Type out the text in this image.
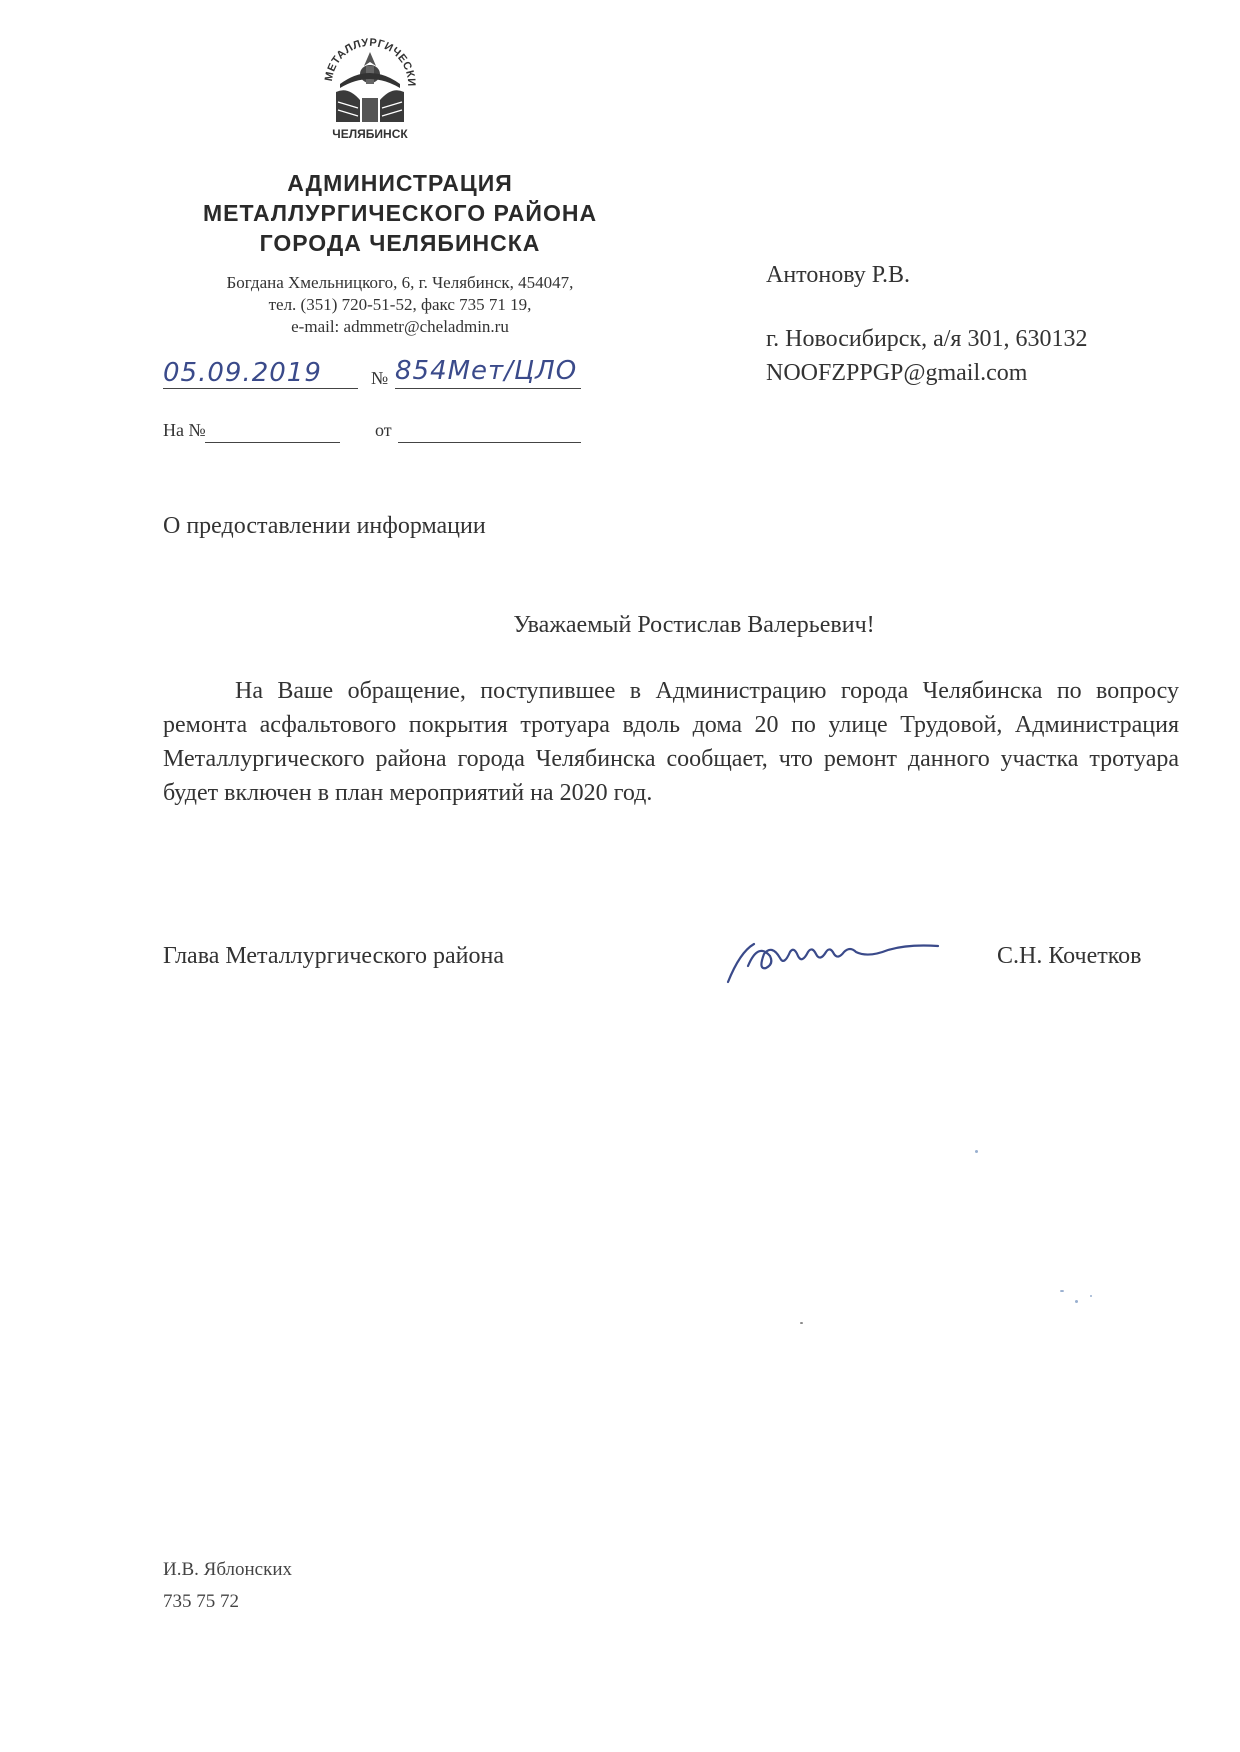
МЕТАЛЛУРГИЧЕСКИ
ЧЕЛЯБИНСК
АДМИНИСТРАЦИЯ
МЕТАЛЛУРГИЧЕСКОГО РАЙОНА
ГОРОДА ЧЕЛЯБИНСКА
Богдана Хмельницкого, 6, г. Челябинск, 454047,
тел. (351) 720-51-52, факс 735 71 19,
e-mail: admmetr@cheladmin.ru
05.09.2019	№ 854Мет/ЦЛО
На №	от
Антонову Р.В.
г. Новосибирск, а/я 301, 630132
NOOFZPPGP@gmail.com
О предоставлении информации
Уважаемый Ростислав Валерьевич!
На Ваше обращение, поступившее в Администрацию города Челябинска по вопросу ремонта асфальтового покрытия тротуара вдоль дома 20 по улице Трудовой, Администрация Металлургического района города Челябинска сообщает, что ремонт данного участка тротуара будет включен в план мероприятий на 2020 год.
Глава Металлургического района	С.Н. Кочетков
И.В. Яблонских
735 75 72
